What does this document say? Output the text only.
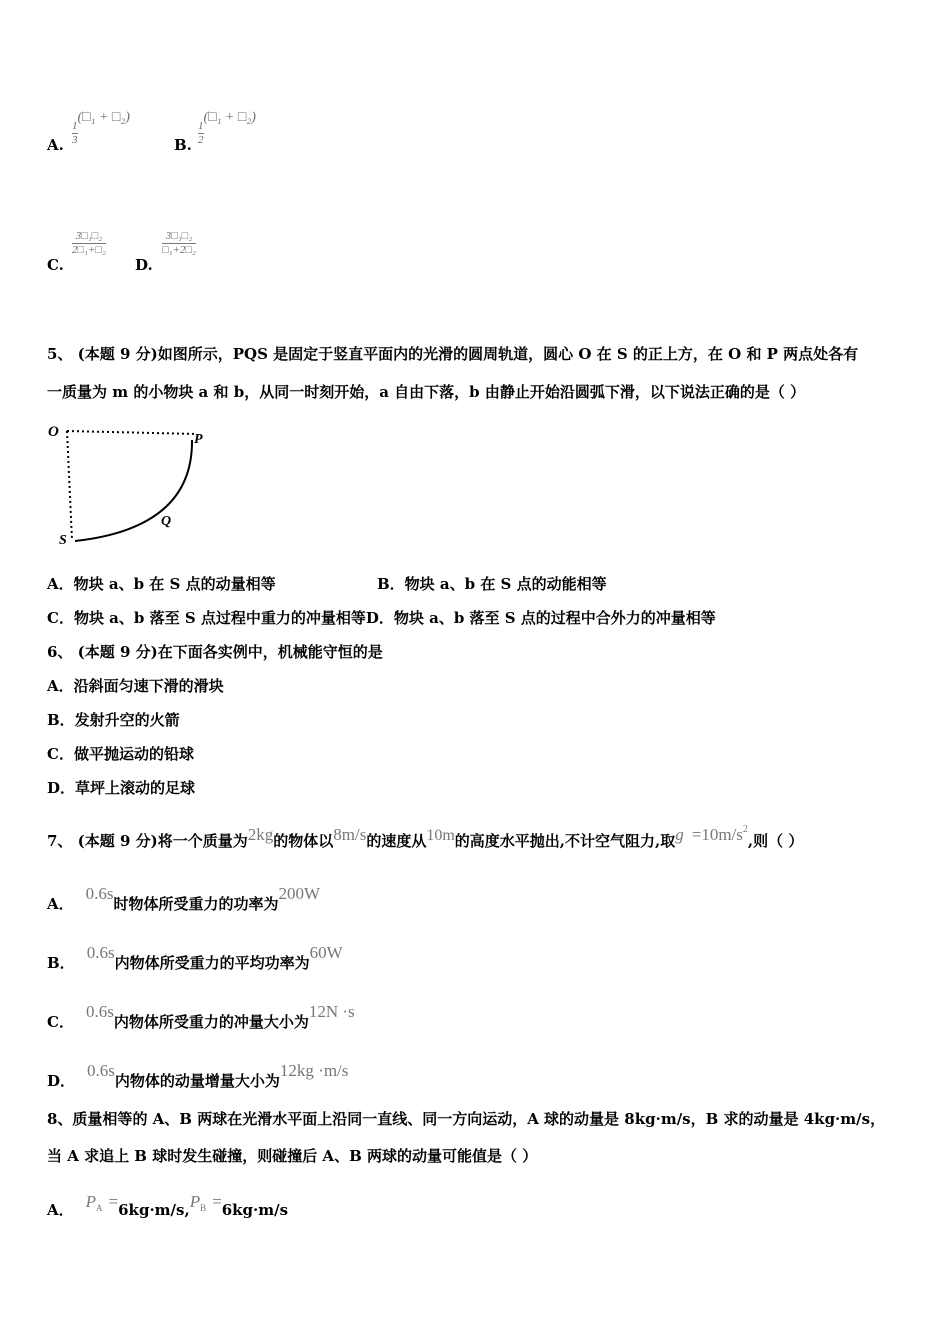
A. $\frac{1}{3}$
(□₁ + □₂)
B. $\frac{1}{2}$
(□₁ + □₂)
C.
$\frac{\text{3□₁□₂}}{\text{2□₁+□₂}}$
D.
$\frac{\text{3□₁□₂}}{\text{□₁+2□₂}}$
5、 (本题 9 分)如图所示，PQS 是固定于竖直平面内的光滑的圆周轨道，圆心 O 在 S 的正上方，在 O 和 P 两点处各有
一质量为 m 的小物块 a 和 b，从同一时刻开始，a 自由下落，b 由静止开始沿圆弧下滑，以下说法正确的是（ ）
O	P
Q
S
A．物块 a、b 在 S 点的动量相等	B．物块 a、b 在 S 点的动能相等
C．物块 a、b 落至 S 点过程中重力的冲量相等D．物块 a、b 落至 S 点的过程中合外力的冲量相等
6、 (本题 9 分)在下面各实例中，机械能守恒的是
A．沿斜面匀速下滑的滑块
B．发射升空的火箭
C．做平抛运动的铅球
D．草坪上滚动的足球
7、 (本题 9 分)将一个质量为2kg的物体以8m/s的速度从10m的高度水平抛出,不计空气阻力,取$g =10m/s^2$,则（ ）
A．0.6s时物体所受重力的功率为200W
B．0.6s内物体所受重力的平均功率为60W
C．0.6s内物体所受重力的冲量大小为12N ·s
D．0.6s内物体的动量增量大小为12kg ·m/s
8、质量相等的 A、B 两球在光滑水平面上沿同一直线、同一方向运动，A 球的动量是 8kg·m/s，B 求的动量是 4kg·m/s，
当 A 求追上 B 球时发生碰撞，则碰撞后 A、B 两球的动量可能值是（ ）
A． $P^A =6kg\cdot m/s,P^B =6kg\cdot m/s$
